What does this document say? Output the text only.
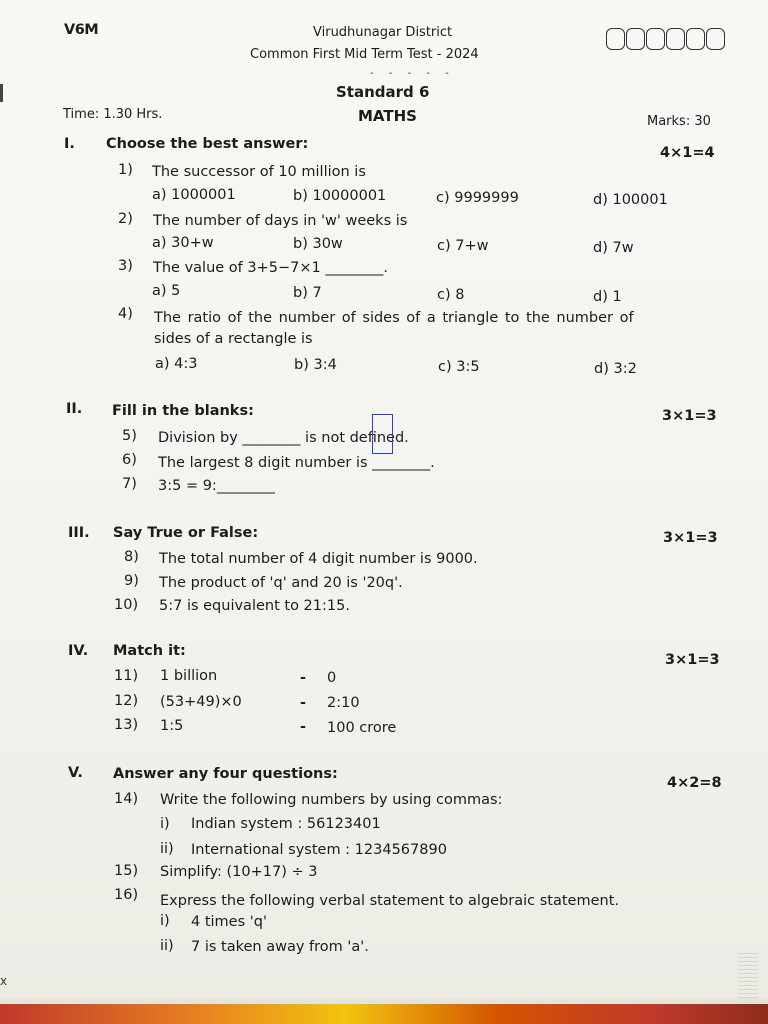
V6M	Virudhunagar District
Common First Mid Term Test - 2024
- - - - -
Standard 6
MATHS
Time: 1.30 Hrs.	Marks: 30
I. Choose the best answer:
4×1=4
1) The successor of 10 million is
a) 1000001	b) 10000001	c) 9999999	d) 100001
2) The number of days in 'w' weeks is
a) 30+w	b) 30w	c) 7+w	d) 7w
3) The value of 3+5−7×1 ________.
a) 5	b) 7	c) 8	d) 1
4) The ratio of the number of sides of a triangle to the number of
sides of a rectangle is
a) 4:3	b) 3:4	c) 3:5	d) 3:2
II. Fill in the blanks:	3×1=3
5) Division by ________ is not defined.
6) The largest 8 digit number is ________.
7) 3:5 = 9:________
III. Say True or False:	3×1=3
8) The total number of 4 digit number is 9000.
9) The product of 'q' and 20 is '20q'.
10) 5:7 is equivalent to 21:15.
IV. Match it:
3×1=3
11) 1 billion	- 0
12) (53+49)×0	- 2:10
13) 1:5	- 100 crore
V. Answer any four questions:
4×2=8
14) Write the following numbers by using commas:
i) Indian system : 56123401
ii) International system : 1234567890
15) Simplify: (10+17) ÷ 3
16) Express the following verbal statement to algebraic statement.
i) 4 times 'q'
ii) 7 is taken away from 'a'.
x
